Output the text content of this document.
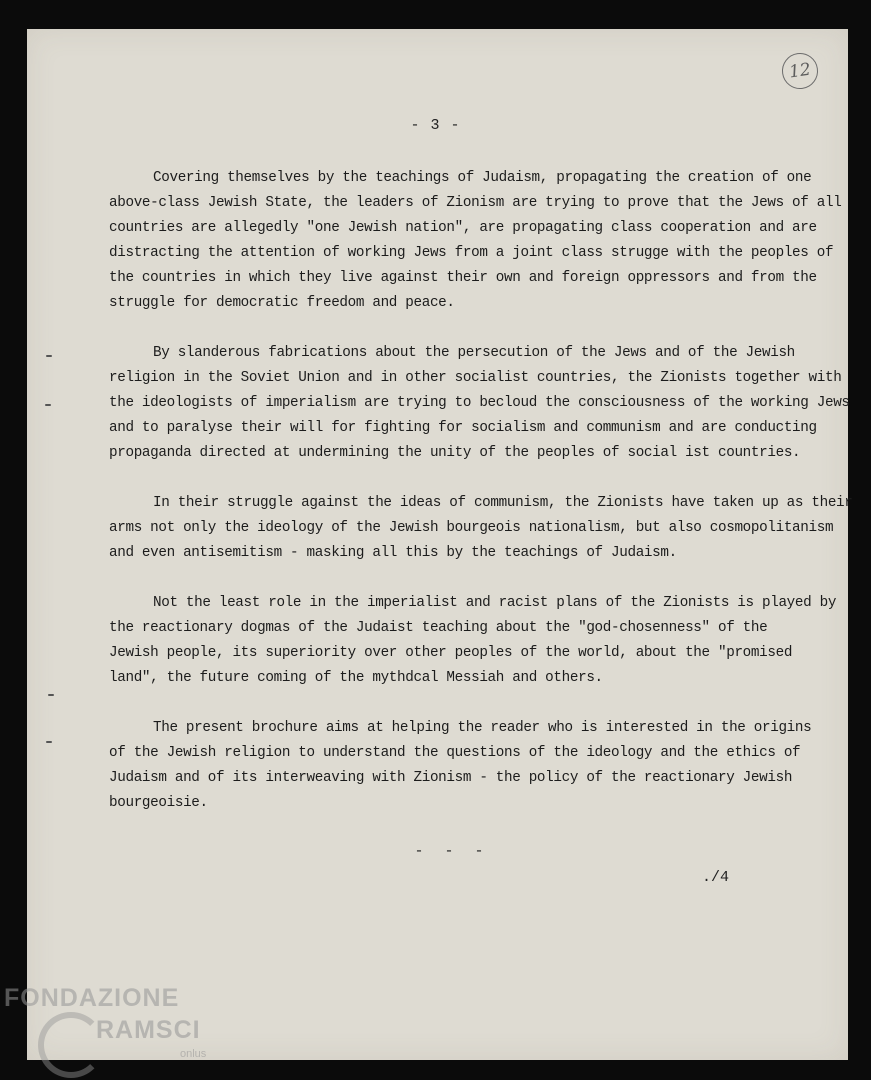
12
- 3 -
Covering themselves by the teachings of Judaism, propagating the creation of one
above-class Jewish State, the leaders of Zionism are trying to prove that the Jews of all
countries are allegedly "one Jewish nation", are propagating class cooperation and are
distracting the attention of working Jews from a joint class strugge with the peoples of
the countries in which they live against their own and foreign oppressors and from the
struggle for democratic freedom and peace.
By slanderous fabrications about the persecution of the Jews and of the Jewish
religion in the Soviet Union and in other socialist countries, the Zionists together with
the ideologists of imperialism are trying to becloud the consciousness of the working Jews
and to paralyse their will for fighting for socialism and communism and are conducting
propaganda directed at undermining the unity of the peoples of social ist countries.
In their struggle against the ideas of communism, the Zionists have taken up as their
arms not only the ideology of the Jewish bourgeois nationalism, but also cosmopolitanism
and even antisemitism - masking all this by the teachings of Judaism.
Not the least role in the imperialist and racist plans of the Zionists is played by
the reactionary dogmas of the Judaist teaching about the "god-chosenness" of the
Jewish people, its superiority over other peoples of the world, about the "promised
land", the future coming of the mythdcal Messiah and others.
The present brochure aims at helping the reader who is interested in the origins
of the Jewish religion to understand the questions of the ideology and the ethics of
Judaism and of its interweaving with Zionism - the policy of the reactionary Jewish
bourgeoisie.
- - -
./4
FONDAZIONE
RAMSCI
onlus
